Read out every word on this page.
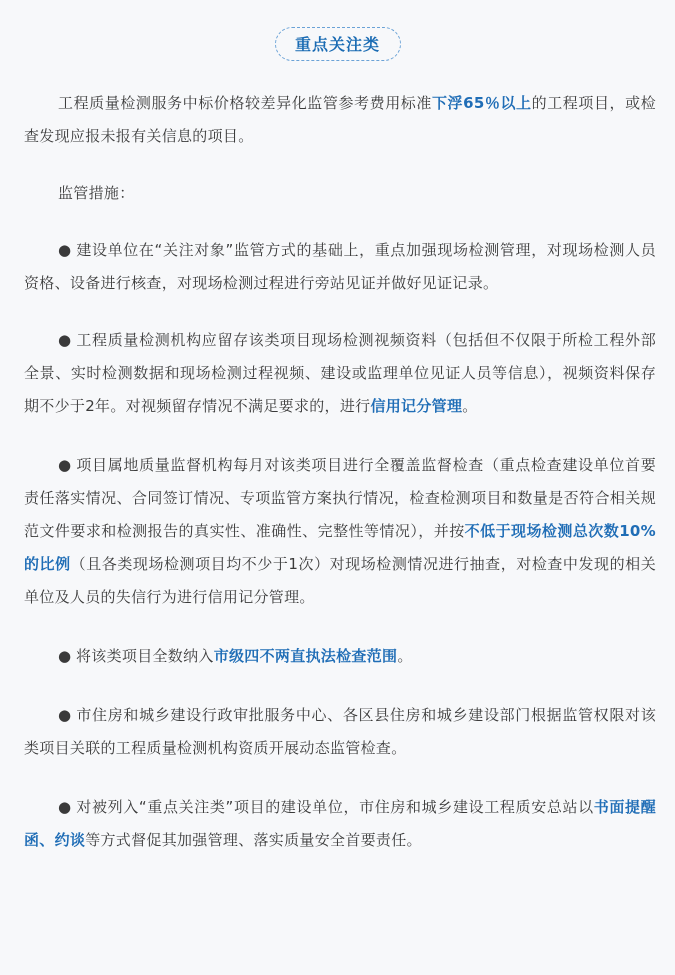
重点关注类

工程质量检测服务中标价格较差异化监管参考费用标准下浮65％以上的工程项目，或检查发现应报未报有关信息的项目。

监管措施：

● 建设单位在“关注对象”监管方式的基础上，重点加强现场检测管理，对现场检测人员资格、设备进行核查，对现场检测过程进行旁站见证并做好见证记录。

● 工程质量检测机构应留存该类项目现场检测视频资料（包括但不仅限于所检工程外部全景、实时检测数据和现场检测过程视频、建设或监理单位见证人员等信息），视频资料保存期不少于2年。对视频留存情况不满足要求的，进行信用记分管理。

● 项目属地质量监督机构每月对该类项目进行全覆盖监督检查（重点检查建设单位首要责任落实情况、合同签订情况、专项监管方案执行情况，检查检测项目和数量是否符合相关规范文件要求和检测报告的真实性、准确性、完整性等情况），并按不低于现场检测总次数10%的比例（且各类现场检测项目均不少于1次）对现场检测情况进行抽查，对检查中发现的相关单位及人员的失信行为进行信用记分管理。

● 将该类项目全数纳入市级四不两直执法检查范围。

● 市住房和城乡建设行政审批服务中心、各区县住房和城乡建设部门根据监管权限对该类项目关联的工程质量检测机构资质开展动态监管检查。

● 对被列入“重点关注类”项目的建设单位，市住房和城乡建设工程质安总站以书面提醒函、约谈等方式督促其加强管理、落实质量安全首要责任。
